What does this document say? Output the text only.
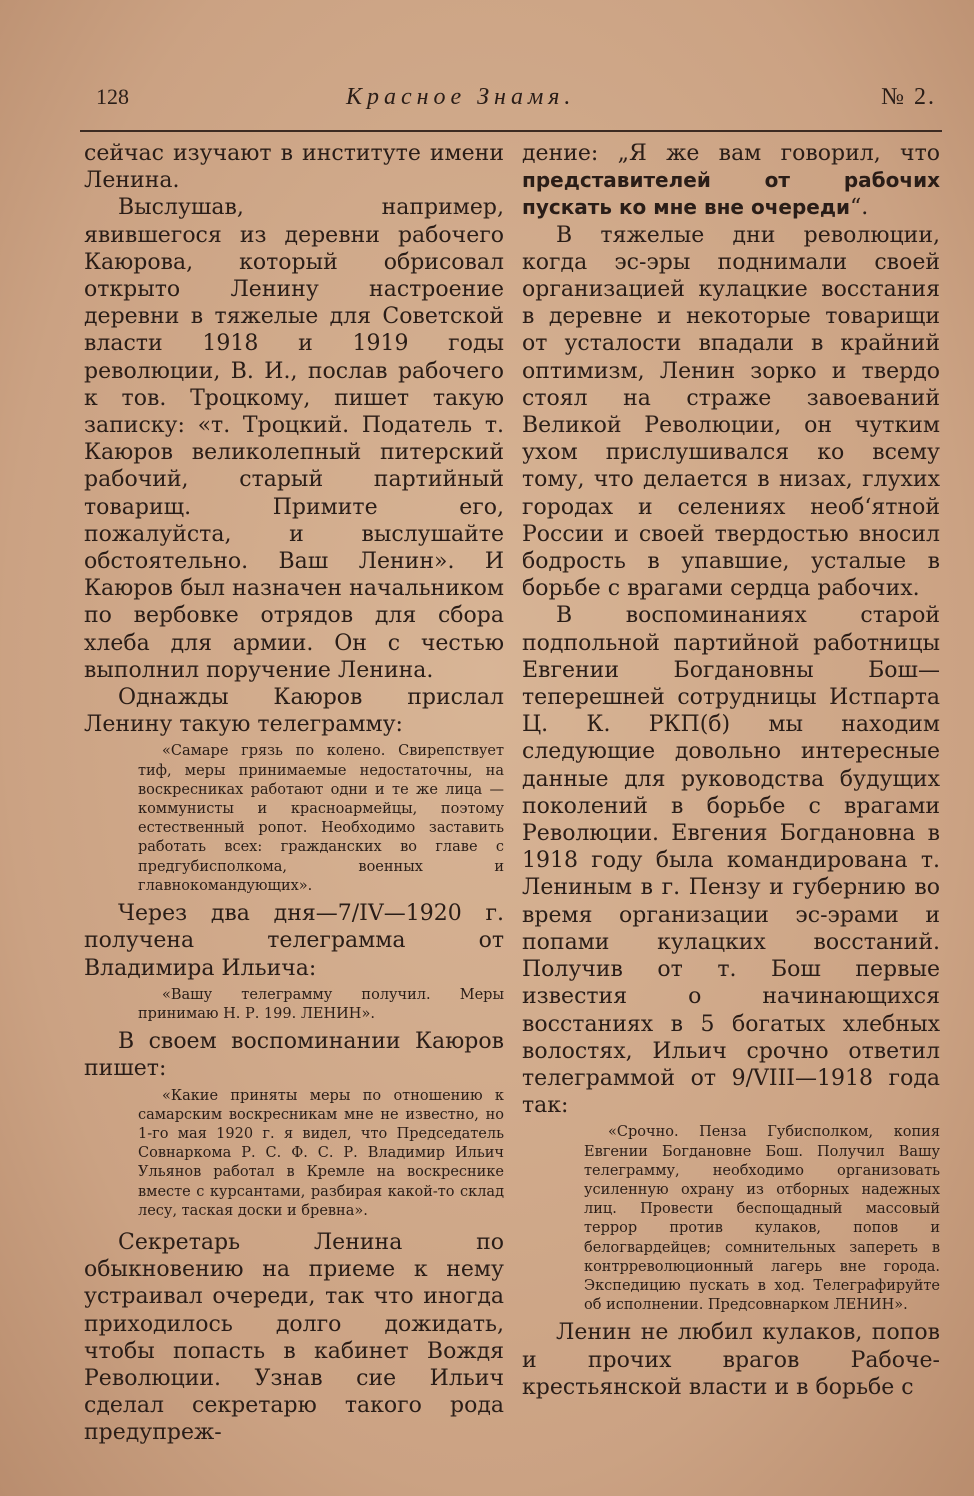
128	Красное Знамя.	№ 2.

сейчас изучают в институте имени Ленина.

Выслушав, например, явившегося из деревни рабочего Каюрова, который обрисовал открыто Ленину настроение деревни в тяжелые для Советской власти 1918 и 1919 годы революции, В. И., послав рабочего к тов. Троцкому, пишет такую записку: «т. Троцкий. Податель т. Каюров великолепный питерский рабочий, старый партийный товарищ. Примите его, пожалуйста, и выслушайте обстоятельно. Ваш Ленин». И Каюров был назначен начальником по вербовке отрядов для сбора хлеба для армии. Он с честью выполнил поручение Ленина.

Однажды Каюров прислал Ленину такую телеграмму:

«Самаре грязь по колено. Свирепствует тиф, меры принимаемые недостаточны, на воскресниках работают одни и те же лица —коммунисты и красноармейцы, поэтому естественный ропот. Необходимо заставить работать всех: гражданских во главе с предгубисполкома, военных и главнокомандующих».

Через два дня—7/IV—1920 г. получена телеграмма от Владимира Ильича:

«Вашу телеграмму получил. Меры принимаю Н. Р. 199. ЛЕНИН».

В своем воспоминании Каюров пишет:

«Какие приняты меры по отношению к самарским воскресникам мне не известно, но 1-го мая 1920 г. я видел, что Председатель Совнаркома Р. С. Ф. С. Р. Владимир Ильич Ульянов работал в Кремле на воскреснике вместе с курсантами, разбирая какой-то склад лесу, таская доски и бревна».

Секретарь Ленина по обыкновению на приеме к нему устраивал очереди, так что иногда приходилось долго дожидать, чтобы попасть в кабинет Вождя Революции. Узнав сие Ильич сделал секретарю такого рода предупреж-

дение: „Я же вам говорил, что представителей от рабочих пускать ко мне вне очереди“.

В тяжелые дни революции, когда эс-эры поднимали своей организацией кулацкие восстания в деревне и некоторые товарищи от усталости впадали в крайний оптимизм, Ленин зорко и твердо стоял на страже завоеваний Великой Революции, он чутким ухом прислушивался ко всему тому, что делается в низах, глухих городах и селениях необ‘ятной России и своей твердостью вносил бодрость в упавшие, усталые в борьбе с врагами сердца рабочих.

В воспоминаниях старой подпольной партийной работницы Евгении Богдановны Бош—теперешней сотрудницы Истпарта Ц. К. РКП(б) мы находим следующие довольно интересные данные для руководства будущих поколений в борьбе с врагами Революции. Евгения Богдановна в 1918 году была командирована т. Лениным в г. Пензу и губернию во время организации эс-эрами и попами кулацких восстаний. Получив от т. Бош первые известия о начинающихся восстаниях в 5 богатых хлебных волостях, Ильич срочно ответил телеграммой от 9/VIII—1918 года так:

«Срочно. Пенза Губисполком, копия Евгении Богдановне Бош. Получил Вашу телеграмму, необходимо организовать усиленную охрану из отборных надежных лиц. Провести беспощадный массовый террор против кулаков, попов и белогвардейцев; сомнительных запереть в контрреволюционный лагерь вне города. Экспедицию пускать в ход. Телеграфируйте об исполнении. Предсовнарком ЛЕНИН».

Ленин не любил кулаков, попов и прочих врагов Рабоче-крестьянской власти и в борьбе с
